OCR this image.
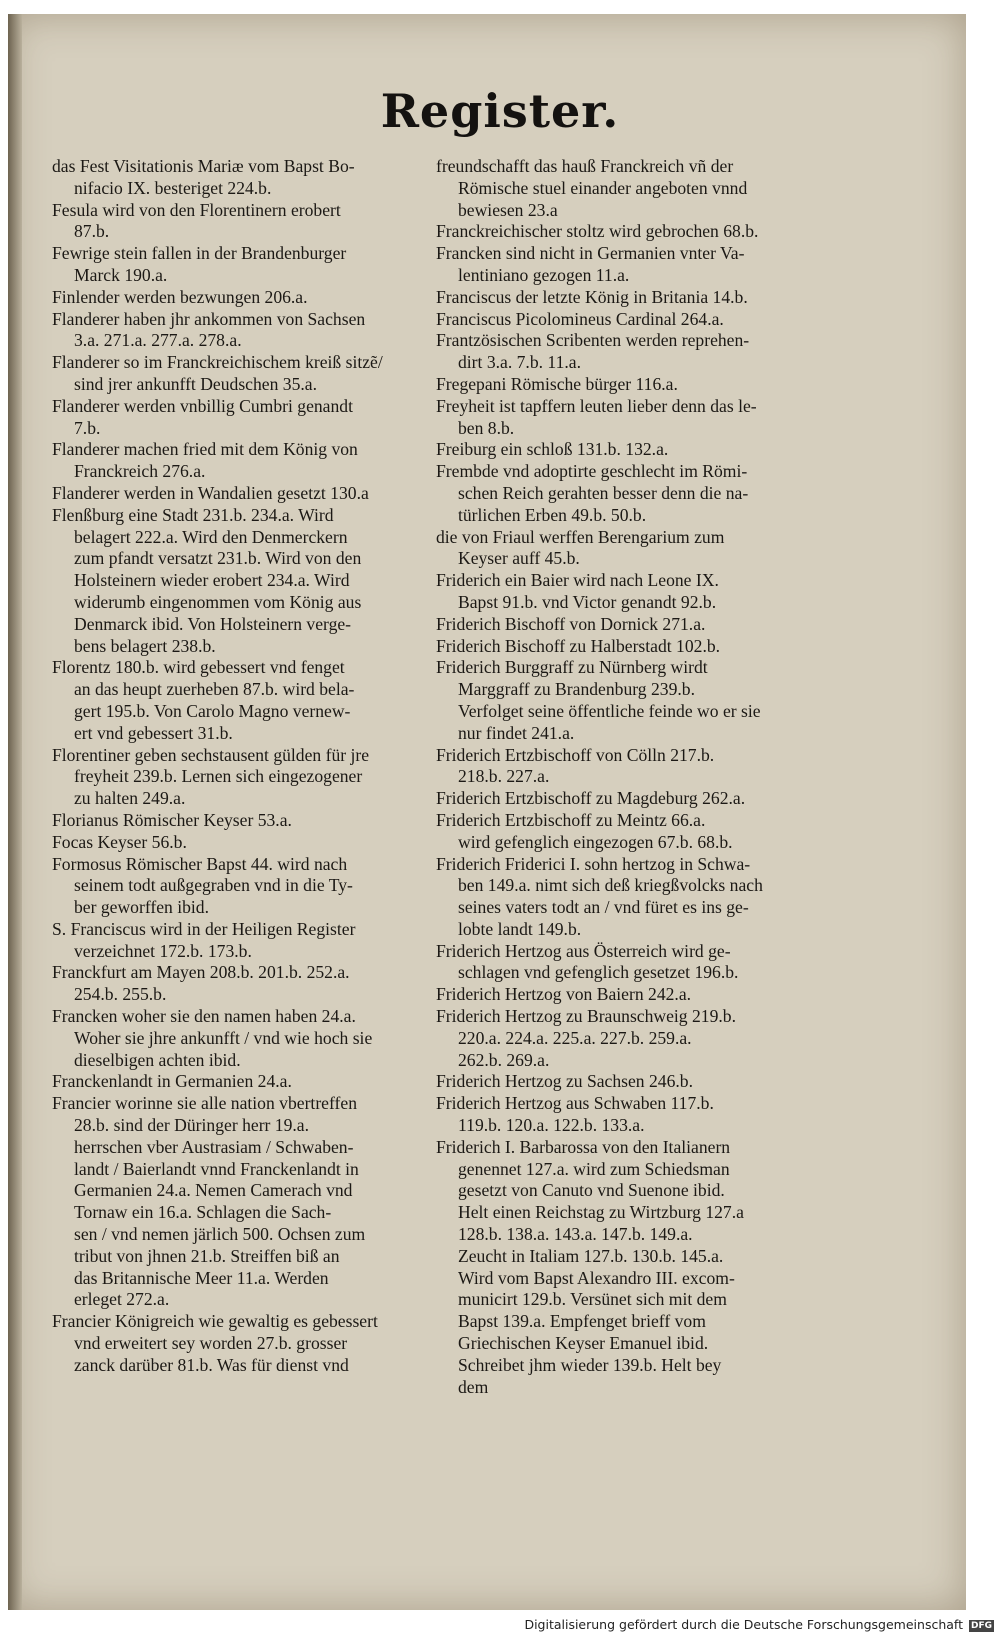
Register.
das Fest Visitationis Mariæ vom Bapst Bo-
nifacio IX. besteriget 224.b.
Fesula wird von den Florentinern erobert
87.b.
Fewrige stein fallen in der Brandenburger
Marck 190.a.
Finlender werden bezwungen 206.a.
Flanderer haben jhr ankommen von Sachsen
3.a. 271.a. 277.a. 278.a.
Flanderer so im Franckreichischem kreiß sitzẽ/
sind jrer ankunfft Deudschen 35.a.
Flanderer werden vnbillig Cumbri genandt
7.b.
Flanderer machen fried mit dem König von
Franckreich 276.a.
Flanderer werden in Wandalien gesetzt 130.a
Flenßburg eine Stadt 231.b. 234.a. Wird
belagert 222.a. Wird den Denmerckern
zum pfandt versatzt 231.b. Wird von den
Holsteinern wieder erobert 234.a. Wird
widerumb eingenommen vom König aus
Denmarck ibid. Von Holsteinern verge-
bens belagert 238.b.
Florentz 180.b. wird gebessert vnd fenget
an das heupt zuerheben 87.b. wird bela-
gert 195.b. Von Carolo Magno vernew-
ert vnd gebessert 31.b.
Florentiner geben sechstausent gülden für jre
freyheit 239.b. Lernen sich eingezogener
zu halten 249.a.
Florianus Römischer Keyser 53.a.
Focas Keyser 56.b.
Formosus Römischer Bapst 44. wird nach
seinem todt außgegraben vnd in die Ty-
ber geworffen ibid.
S. Franciscus wird in der Heiligen Register
verzeichnet 172.b. 173.b.
Franckfurt am Mayen 208.b. 201.b. 252.a.
254.b. 255.b.
Francken woher sie den namen haben 24.a.
Woher sie jhre ankunfft / vnd wie hoch sie
dieselbigen achten ibid.
Franckenlandt in Germanien 24.a.
Francier worinne sie alle nation vbertreffen
28.b. sind der Düringer herr 19.a.
herrschen vber Austrasiam / Schwaben-
landt / Baierlandt vnnd Franckenlandt in
Germanien 24.a. Nemen Camerach vnd
Tornaw ein 16.a. Schlagen die Sach-
sen / vnd nemen järlich 500. Ochsen zum
tribut von jhnen 21.b. Streiffen biß an
das Britannische Meer 11.a. Werden
erleget 272.a.
Francier Königreich wie gewaltig es gebessert
vnd erweitert sey worden 27.b. grosser
zanck darüber 81.b. Was für dienst vnd
freundschafft das hauß Franckreich vñ der
Römische stuel einander angeboten vnnd
bewiesen 23.a
Franckreichischer stoltz wird gebrochen 68.b.
Francken sind nicht in Germanien vnter Va-
lentiniano gezogen 11.a.
Franciscus der letzte König in Britania 14.b.
Franciscus Picolomineus Cardinal 264.a.
Frantzösischen Scribenten werden reprehen-
dirt 3.a. 7.b. 11.a.
Fregepani Römische bürger 116.a.
Freyheit ist tapffern leuten lieber denn das le-
ben 8.b.
Freiburg ein schloß 131.b. 132.a.
Frembde vnd adoptirte geschlecht im Römi-
schen Reich gerahten besser denn die na-
türlichen Erben 49.b. 50.b.
die von Friaul werffen Berengarium zum
Keyser auff 45.b.
Friderich ein Baier wird nach Leone IX.
Bapst 91.b. vnd Victor genandt 92.b.
Friderich Bischoff von Dornick 271.a.
Friderich Bischoff zu Halberstadt 102.b.
Friderich Burggraff zu Nürnberg wirdt
Marggraff zu Brandenburg 239.b.
Verfolget seine öffentliche feinde wo er sie
nur findet 241.a.
Friderich Ertzbischoff von Cölln 217.b.
218.b. 227.a.
Friderich Ertzbischoff zu Magdeburg 262.a.
Friderich Ertzbischoff zu Meintz 66.a.
wird gefenglich eingezogen 67.b. 68.b.
Friderich Friderici I. sohn hertzog in Schwa-
ben 149.a. nimt sich deß kriegßvolcks nach
seines vaters todt an / vnd füret es ins ge-
lobte landt 149.b.
Friderich Hertzog aus Österreich wird ge-
schlagen vnd gefenglich gesetzet 196.b.
Friderich Hertzog von Baiern 242.a.
Friderich Hertzog zu Braunschweig 219.b.
220.a. 224.a. 225.a. 227.b. 259.a.
262.b. 269.a.
Friderich Hertzog zu Sachsen 246.b.
Friderich Hertzog aus Schwaben 117.b.
119.b. 120.a. 122.b. 133.a.
Friderich I. Barbarossa von den Italianern
genennet 127.a. wird zum Schiedsman
gesetzt von Canuto vnd Suenone ibid.
Helt einen Reichstag zu Wirtzburg 127.a
128.b. 138.a. 143.a. 147.b. 149.a.
Zeucht in Italiam 127.b. 130.b. 145.a.
Wird vom Bapst Alexandro III. excom-
municirt 129.b. Versünet sich mit dem
Bapst 139.a. Empfenget brieff vom
Griechischen Keyser Emanuel ibid.
Schreibet jhm wieder 139.b. Helt bey
dem
Digitalisierung gefördert durch die Deutsche Forschungsgemeinschaft DFG
